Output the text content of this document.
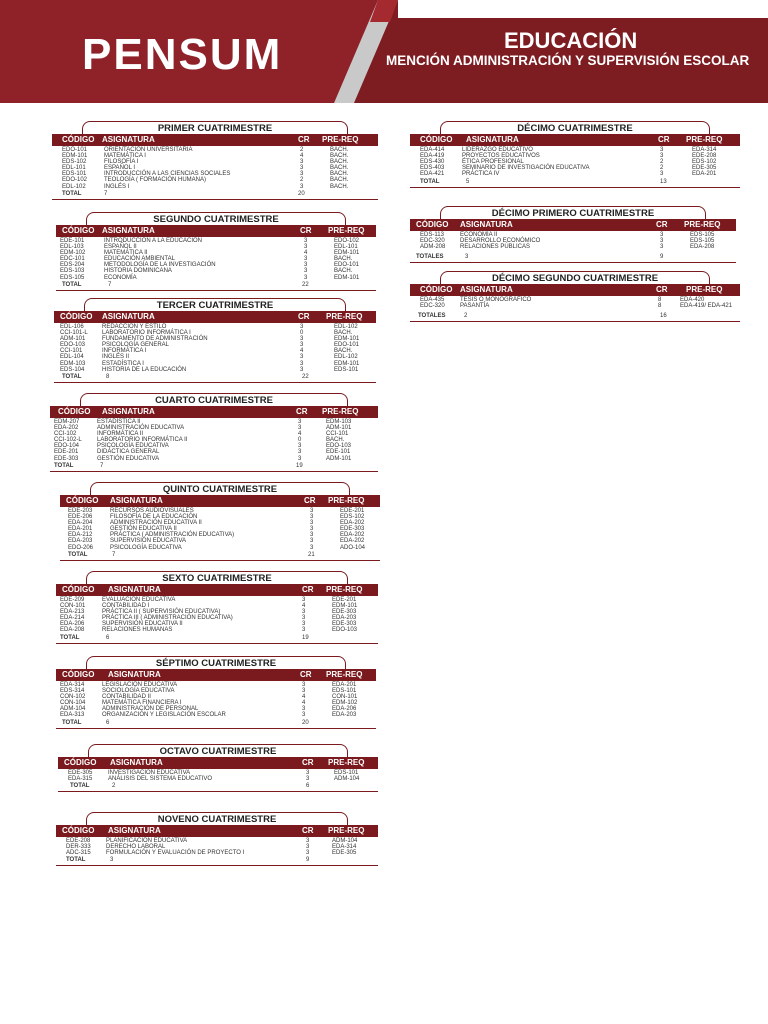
PENSUM	EDUCACIÓN
MENCIÓN ADMINISTRACIÓN Y SUPERVISIÓN ESCOLAR
PRIMER CUATRIMESTRE
CÓDIGO ASIGNATURA	CR PRE-REQ
EDO-101	ORIENTACIÓN UNIVERSITARIA	2	BACH.
EDM-101	MATEMÁTICA I	4	BACH.
EDS-102	FILOSOFÍA I	3	BACH.
EDL-101	ESPAÑOL I	3	BACH.
EDS-101	INTRODUCCIÓN A LAS CIENCIAS SOCIALES	3	BACH.
EDO-102	TEOLOGÍA ( FORMACIÓN HUMANA)	2	BACH.
EDL-102	INGLÉS I	3	BACH.
TOTAL	7	20
SEGUNDO CUATRIMESTRE
CÓDIGO ASIGNATURA	CR PRE-REQ
EDE-101	INTRODUCCIÓN A LA EDUCACIÓN	3	EDO-102
EDL-103	ESPAÑOL II	3	EDL-101
EDM-102	MATEMÁTICA II	4	EDM-101
EDC-101	EDUCACIÓN AMBIENTAL	3	BACH.
EDS-204	METODOLOGÍA DE LA INVESTIGACIÓN	3	EDO-101
EDS-103	HISTORIA DOMINICANA	3	BACH.
EDS-105	ECONOMÍA	3	EDM-101
TOTAL	7	22
TERCER CUATRIMESTRE
CÓDIGO ASIGNATURA	CR PRE-REQ
EDL-106	REDACCIÓN Y ESTILO	3	EDL-102
CCI-101-L LABORATORIO INFORMÁTICA I	0	BACH.
ADM-101	FUNDAMENTO DE ADMINISTRACIÓN	3	EDM-101
EDO-103	PSICOLOGÍA GENERAL	3	EDO-101
CCI-101	INFORMÁTICA I	4	BACH.
EDL-104	INGLÉS II	3	EDL-102
EDM-103	ESTADÍSTICA I	3	EDM-101
EDS-104	HISTORIA DE LA EDUCACIÓN	3	EDS-101
TOTAL	8	22
CUARTO CUATRIMESTRE
CÓDIGO ASIGNATURA	CR PRE-REQ
EDM-207	ESTADÍSTICA II	3	EDM-103
EDA-202	ADMINISTRACIÓN EDUCATIVA	3	ADM-101
CCI-102	INFORMÁTICA II	4	CCI-101
CCI-102-L	LABORATORIO INFORMÁTICA II	0	BACH.
EDO-104	PSICOLOGÍA EDUCATIVA	3	EDO-103
EDE-201	DIDÁCTICA GENERAL	3	EDE-101
EDE-303	GESTIÓN EDUCATIVA	3	ADM-101
TOTAL	7	19
QUINTO CUATRIMESTRE
CÓDIGO ASIGNATURA	CR PRE-REQ
EDE-203	RECURSOS AUDIOVISUALES	3	EDE-201
EDE-206	FILOSOFÍA DE LA EDUCACIÓN	3	EDS-102
EDA-204	ADMINISTRACIÓN EDUCATIVA II	3	EDA-202
EDA-201	GESTIÓN EDUCATIVA II	3	EDE-303
EDA-212	PRÁCTICA ( ADMINISTRACIÓN EDUCATIVA)	3	EDA-202
EDA-203	SUPERVISIÓN EDUCATIVA	3	EDA-202
EDO-206	PSICOLOGÍA EDUCATIVA	3	ADO-104
TOTAL	7	21
SEXTO CUATRIMESTRE
CÓDIGO ASIGNATURA	CR PRE-REQ
EDE-209	EVALUACIÓN EDUCATIVA	3	EDE-201
CON-101	CONTABILIDAD I	4	EDM-101
EDA-213	PRÁCTICA II ( SUPERVISIÓN EDUCATIVA)	3	EDE-303
EDA-214	PRÁCTICA III ( ADMINISTRACIÓN EDUCATIVA)	3	EDA-203
EDA-206	SUPERVISIÓN EDUCATIVA II	3	EDE-303
EDA-208	RELACIONES HUMANAS	3	EDO-103
TOTAL	6	19
SÉPTIMO CUATRIMESTRE
CÓDIGO ASIGNATURA	CR PRE-REQ
EDA-314	LEGISLACIÓN EDUCATIVA	3	EDA-201
EDS-314	SOCIOLOGÍA EDUCATIVA	3	EDS-101
CON-102	CONTABILIDAD II	4	CON-101
CON-104	MATEMÁTICA FINANCIERA I	4	EDM-102
ADM-104	ADMINISTRACIÓN DE PERSONAL	3	EDA-206
EDA-313	ORGANIZACIÓN Y LEGISLACIÓN ESCOLAR	3	EDA-203
TOTAL	6	20
OCTAVO CUATRIMESTRE
CÓDIGO ASIGNATURA	CR PRE-REQ
EDE-305	INVESTIGACIÓN EDUCATIVA	3	EDS-101
EDA-315	ANÁLISIS DEL SISTEMA EDUCATIVO	3	ADM-104
TOTAL	2	6
NOVENO CUATRIMESTRE
CÓDIGO ASIGNATURA	CR PRE-REQ
EDE-208	PLANIFICACIÓN EDUCATIVA	3	ADM-104
DER-333	DERECHO LABORAL	3	EDA-314
ADC-315	FORMULACIÓN Y EVALUACIÓN DE PROYECTO I	3	EDE-305
TOTAL	3	9
DÉCIMO CUATRIMESTRE
CÓDIGO ASIGNATURA	CR PRE-REQ
EDA-414	LIDERAZGO EDUCATIVO	3	EDA-314
EDA-419	PROYECTOS EDUCATIVOS	3	EDE-208
EDS-430	ÉTICA PROFESIONAL	2	EDS-102
EDS-403	SEMINARIO DE INVESTIGACIÓN EDUCATIVA	2	EDE-305
EDA-421	PRÁCTICA IV	3	EDA-201
TOTAL	5	13
DÉCIMO PRIMERO CUATRIMESTRE
CÓDIGO ASIGNATURA	CR PRE-REQ
EDS-113	ECONOMÍA II	3	EDS-105
EDC-320	DESARROLLO ECONÓMICO	3	EDS-105
ADM-208 RELACIONES PÚBLICAS	3	EDA-208
TOTALES	3	9
DÉCIMO SEGUNDO CUATRIMESTRE
CÓDIGO ASIGNATURA	CR PRE-REQ
EDA-435	TESIS O MONOGRÁFICO	8	EDA-420
EDC-320	PASANTÍA	8	EDA-419/ EDA-421
TOTALES	2	16
